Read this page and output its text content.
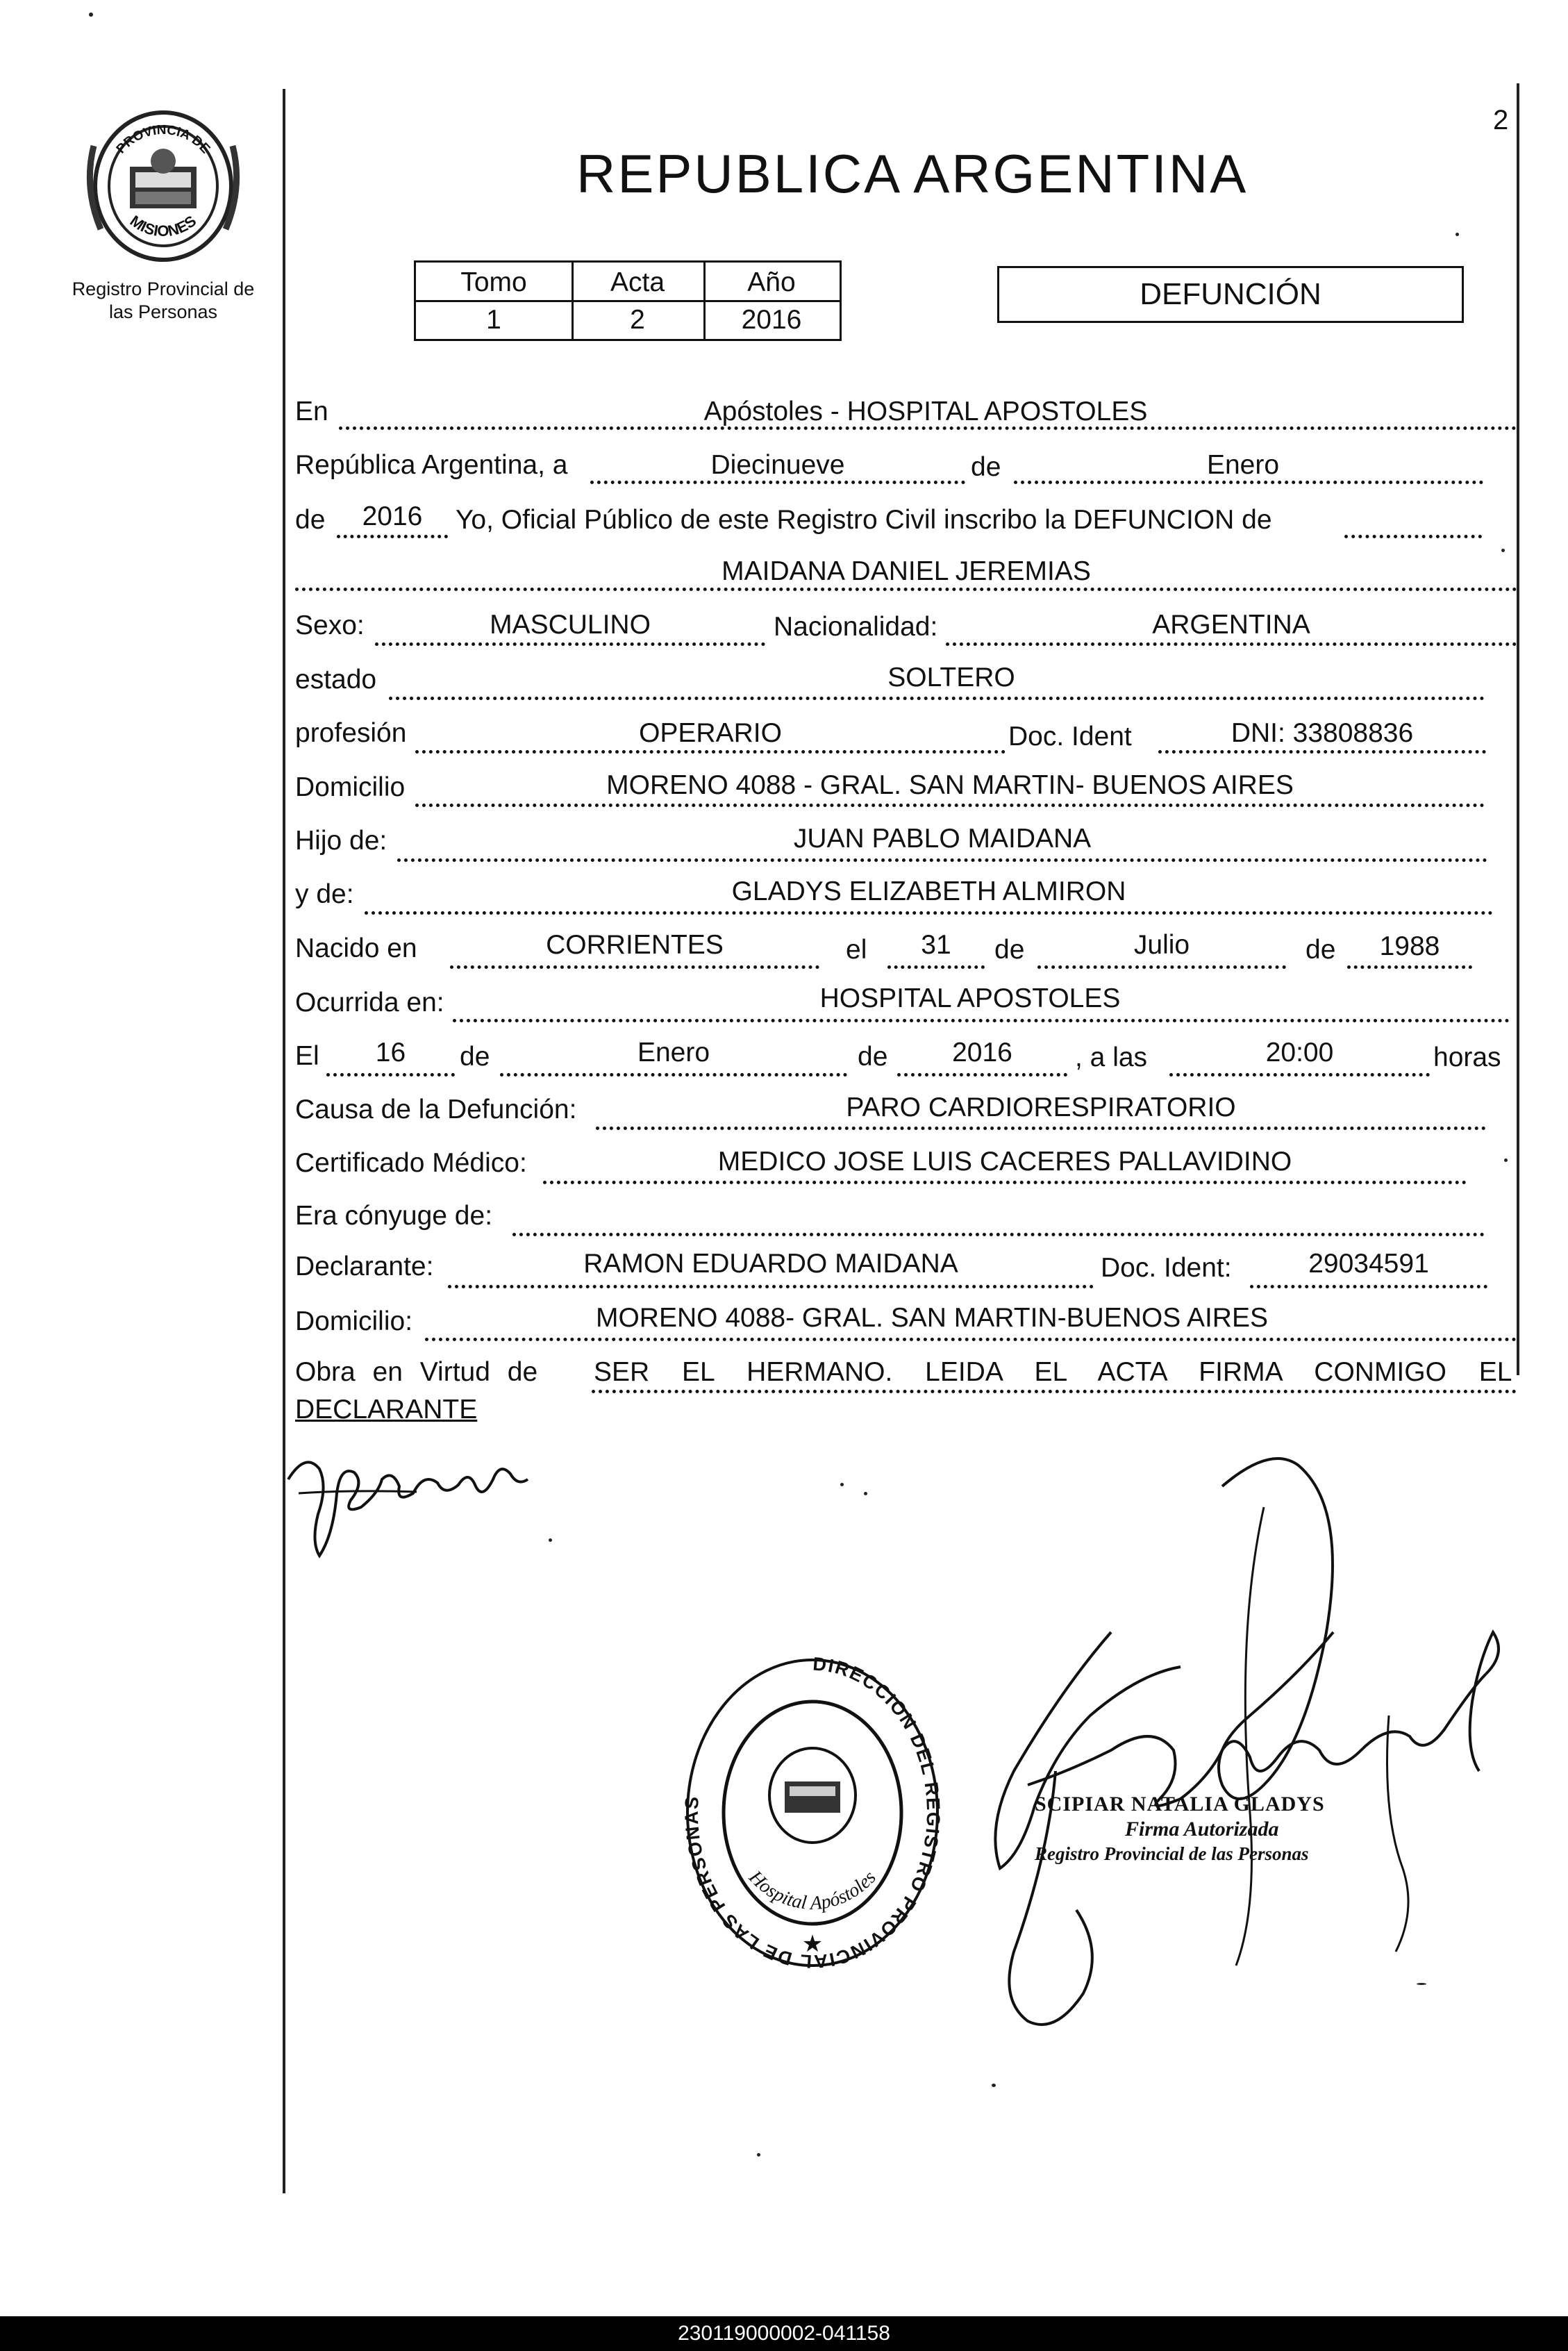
2
PROVINCIA DE
MISIONES
Registro Provincial de las Personas
REPUBLICA ARGENTINA
Tomo	Acta	Año
1	2	2016
DEFUNCIÓN
En	Apóstoles - HOSPITAL APOSTOLES
República Argentina, a	Diecinueve	de	Enero
de	2016	Yo, Oficial Público de este Registro Civil inscribo la DEFUNCION de
MAIDANA DANIEL JEREMIAS
Sexo:	MASCULINO	Nacionalidad:	ARGENTINA
estado	SOLTERO
profesión	OPERARIO	Doc. Ident	DNI: 33808836
Domicilio	MORENO 4088 - GRAL. SAN MARTIN- BUENOS AIRES
Hijo de:	JUAN PABLO MAIDANA
y de:	GLADYS ELIZABETH ALMIRON
Nacido en	CORRIENTES	el	31	de	Julio	de	1988
Ocurrida en:	HOSPITAL APOSTOLES
El	16	de	Enero	de	2016	, a las	20:00	horas
Causa de la Defunción:	PARO CARDIORESPIRATORIO
Certificado Médico:	MEDICO JOSE LUIS CACERES PALLAVIDINO
Era cónyuge de:
Declarante:	RAMON EDUARDO MAIDANA	Doc. Ident:	29034591
Domicilio:	MORENO 4088- GRAL. SAN MARTIN-BUENOS AIRES
Obra en Virtud de SER EL HERMANO. LEIDA EL ACTA FIRMA CONMIGO EL
DECLARANTE
DIRECCION DEL REGISTRO PROVINCIAL DE LAS PERSONAS
Hospital Apóstoles
★
SCIPIAR NATALIA GLADYS
Firma Autorizada
Registro Provincial de las Personas
230119000002-041158
